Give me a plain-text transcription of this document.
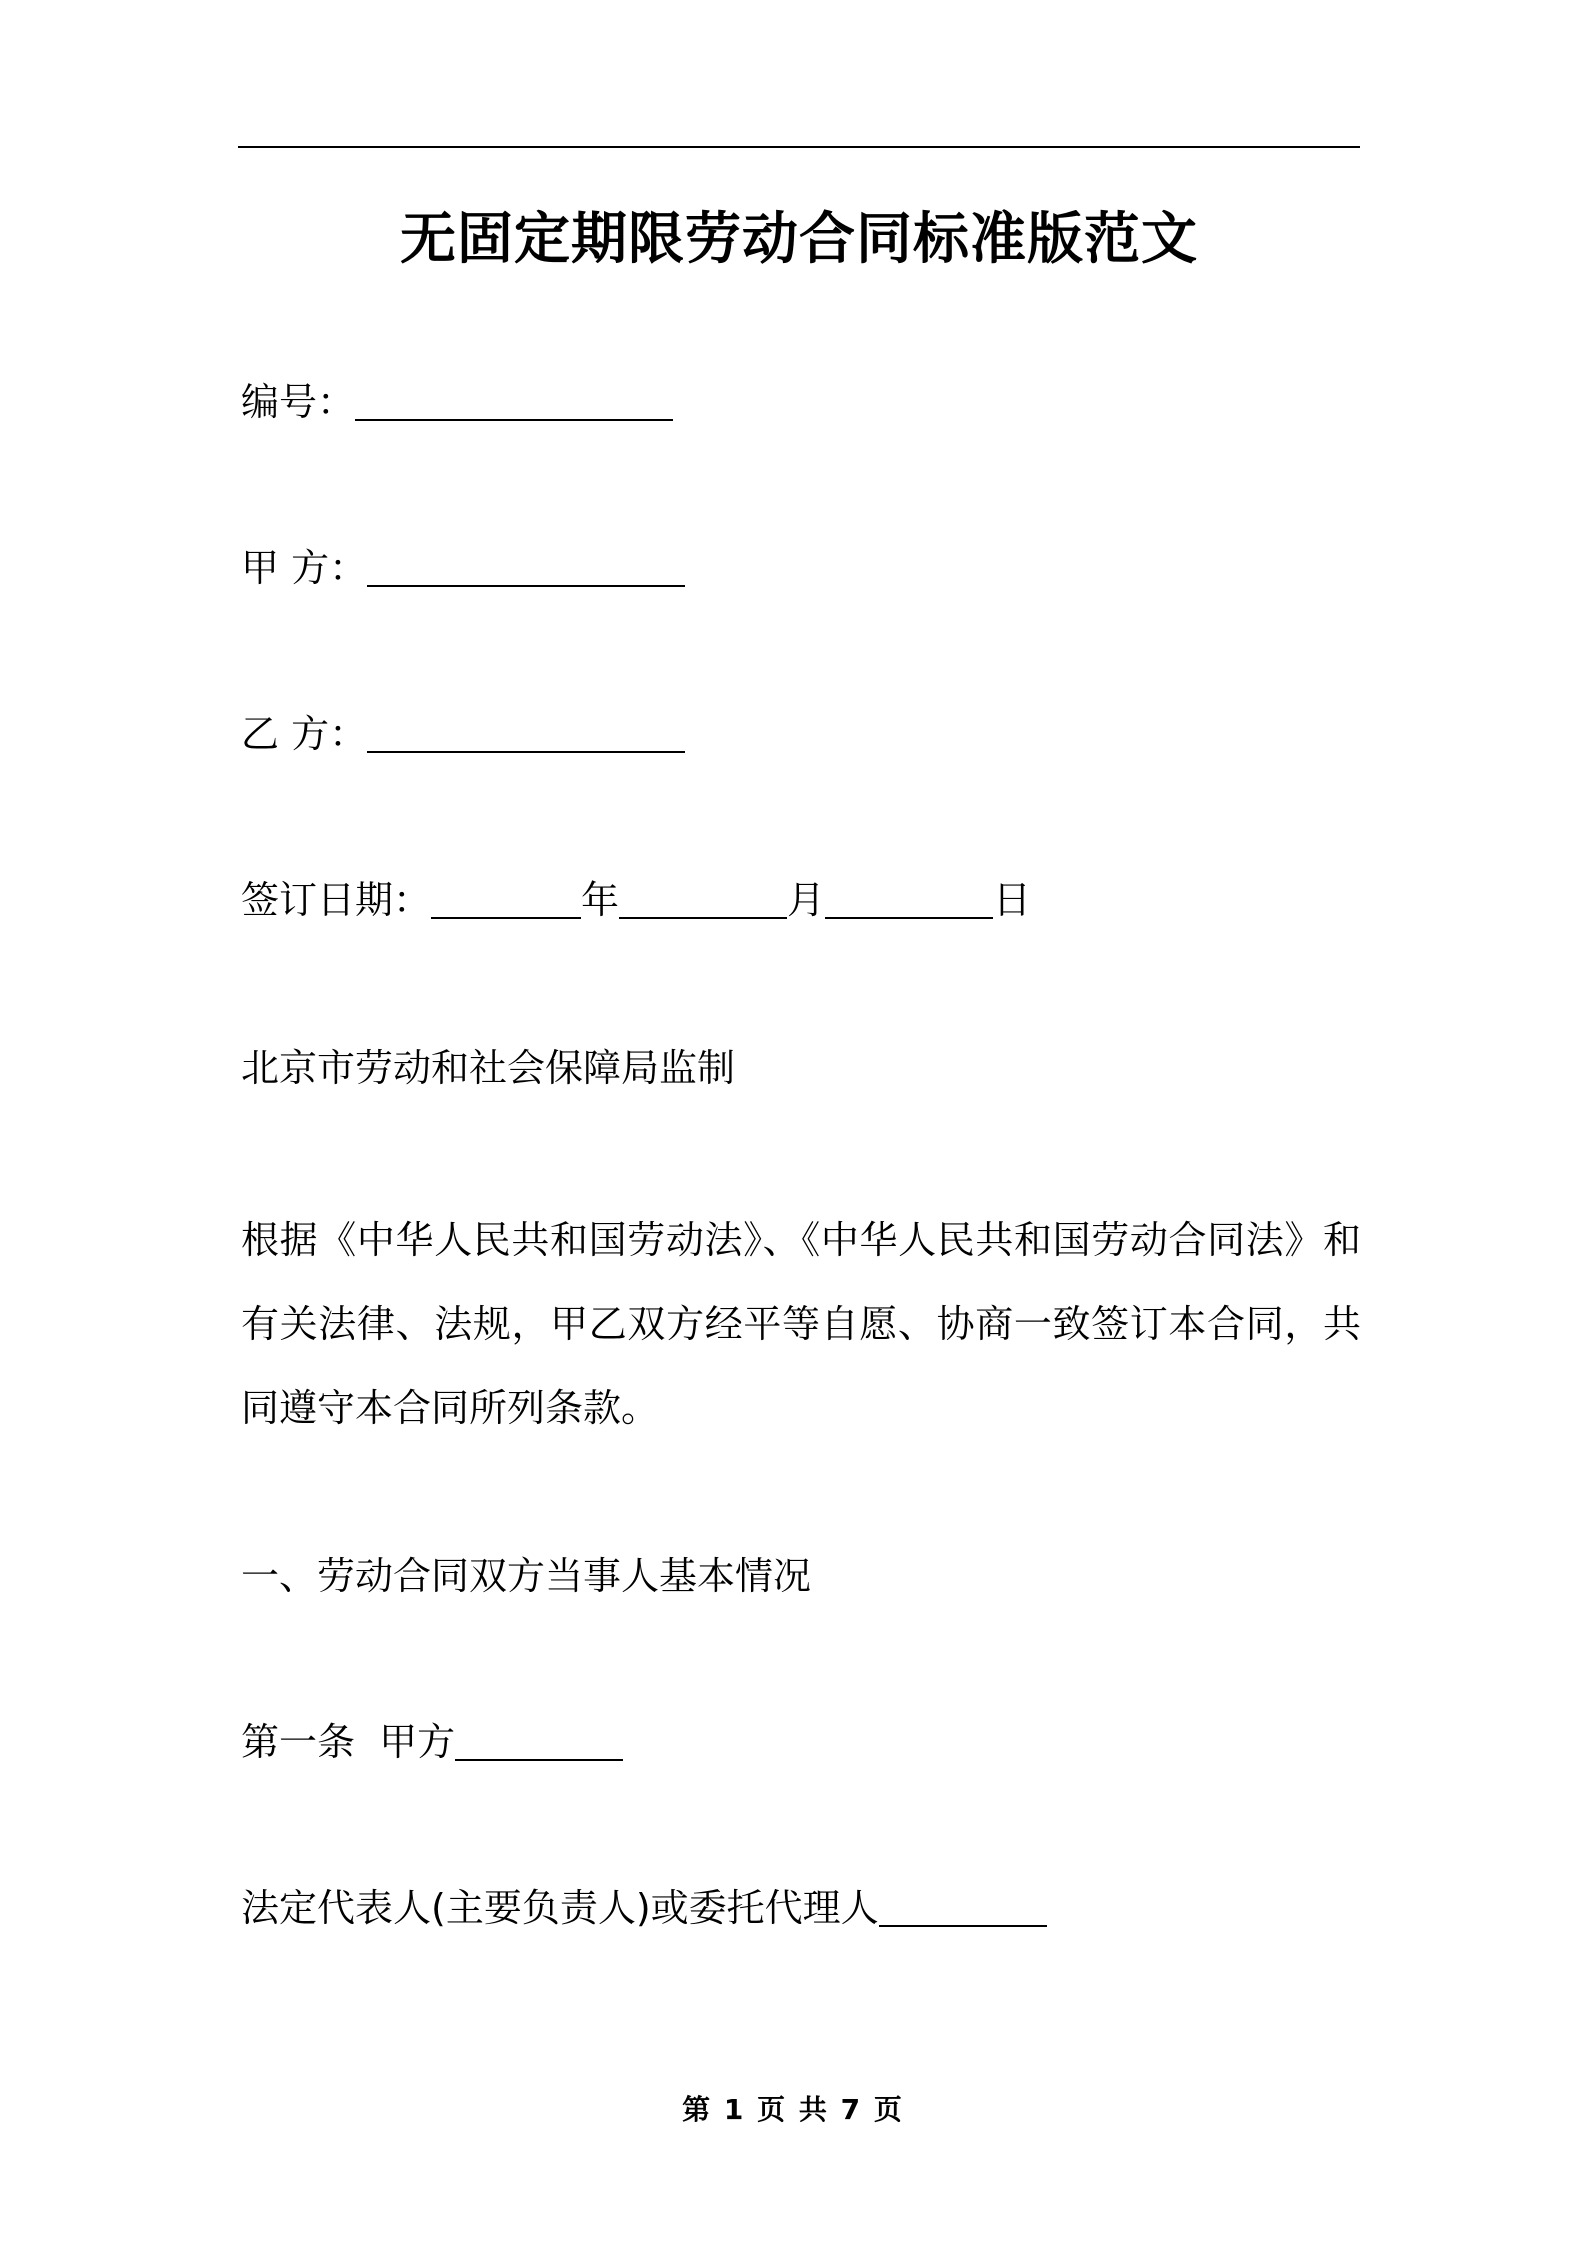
无固定期限劳动合同标准版范文
编号：
甲 方：
乙 方：
签订日期：	年	月	日
北京市劳动和社会保障局监制
根据《中华人民共和国劳动法》、《中华人民共和国劳动合同法》和有关法律、法规，甲乙双方经平等自愿、协商一致签订本合同，共同遵守本合同所列条款。
一、劳动合同双方当事人基本情况
第一条  甲方
法定代表人(主要负责人)或委托代理人
第 1 页 共 7 页
